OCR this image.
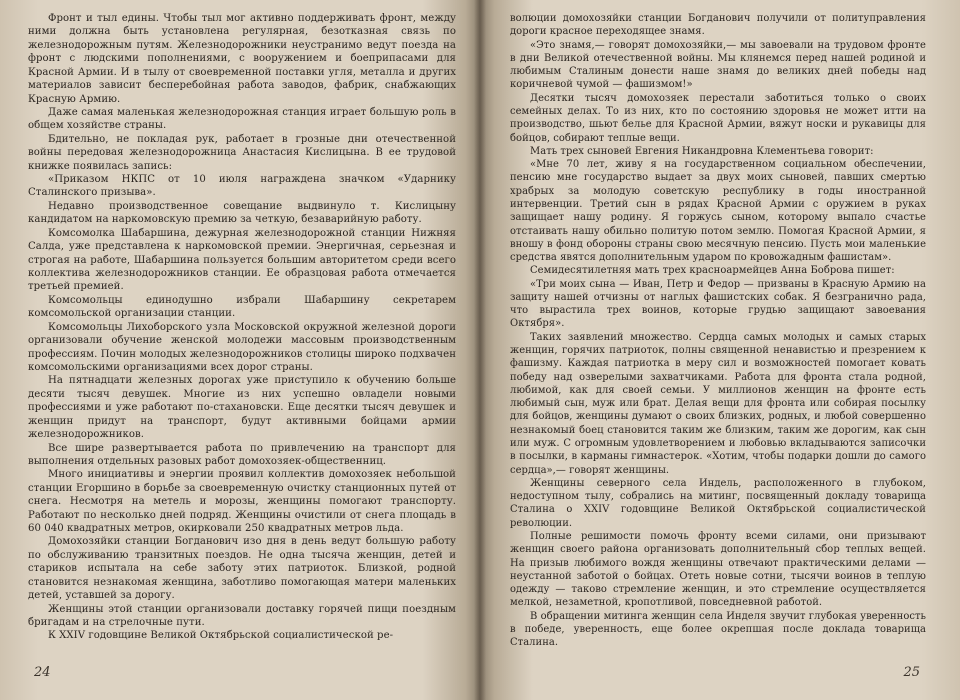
Фронт и тыл едины. Чтобы тыл мог активно поддерживать фронт, между ними должна быть установлена регулярная, безотказная связь по железнодорожным путям. Железнодорожники неустранимо ведут поезда на фронт с людскими пополнениями, с вооружением и боеприпасами для Красной Армии. И в тылу от своевременной поставки угля, металла и других материалов зависит бесперебойная работа заводов, фабрик, снабжающих Красную Армию.

Даже самая маленькая железнодорожная станция играет большую роль в общем хозяйстве страны.

Бдительно, не покладая рук, работает в грозные дни отечественной войны передовая железнодорожница Анастасия Кислицына. В ее трудовой книжке появилась запись:

«Приказом НКПС от 10 июля награждена значком «Ударнику Сталинского призыва».

Недавно производственное совещание выдвинуло т. Кислицыну кандидатом на наркомовскую премию за четкую, безаварийную работу.

Комсомолка Шабаршина, дежурная железнодорожной станции Нижняя Салда, уже представлена к наркомовской премии. Энергичная, серьезная и строгая на работе, Шабаршина пользуется большим авторитетом среди всего коллектива железнодорожников станции. Ее образцовая работа отмечается третьей премией.

Комсомольцы единодушно избрали Шабаршину секретарем комсомольской организации станции.

Комсомольцы Лихоборского узла Московской окружной железной дороги организовали обучение женской молодежи массовым производственным профессиям. Почин молодых железнодорожников столицы широко подхвачен комсомольскими организациями всех дорог страны.

На пятнадцати железных дорогах уже приступило к обучению больше десяти тысяч девушек. Многие из них успешно овладели новыми профессиями и уже работают по-стахановски. Еще десятки тысяч девушек и женщин придут на транспорт, будут активными бойцами армии железнодорожников.

Все шире развертывается работа по привлечению на транспорт для выполнения отдельных разовых работ домохозяек-общественниц.

Много инициативы и энергии проявил коллектив домохозяек небольшой станции Егоршино в борьбе за своевременную очистку станционных путей от снега. Несмотря на метель и морозы, женщины помогают транспорту. Работают по несколько дней подряд. Женщины очистили от снега площадь в 60 040 квадратных метров, окирковали 250 квадратных метров льда.

Домохозяйки станции Богданович изо дня в день ведут большую работу по обслуживанию транзитных поездов. Не одна тысяча женщин, детей и стариков испытала на себе заботу этих патриоток. Близкой, родной становится незнакомая женщина, заботливо помогающая матери маленьких детей, уставшей за дорогу.

Женщины этой станции организовали доставку горячей пищи поездным бригадам и на стрелочные пути.

К XXIV годовщине Великой Октябрьской социалистической ре-

24

волюции домохозяйки станции Богданович получили от политуправления дороги красное переходящее знамя.

«Это знамя,— говорят домохозяйки,— мы завоевали на трудовом фронте в дни Великой отечественной войны. Мы клянемся перед нашей родиной и любимым Сталиным донести наше знамя до великих дней победы над коричневой чумой — фашизмом!»

Десятки тысяч домохозяек перестали заботиться только о своих семейных делах. То из них, кто по состоянию здоровья не может итти на производство, шьют белье для Красной Армии, вяжут носки и рукавицы для бойцов, собирают теплые вещи.

Мать трех сыновей Евгения Никандровна Клементьева говорит:

«Мне 70 лет, живу я на государственном социальном обеспечении, пенсию мне государство выдает за двух моих сыновей, павших смертью храбрых за молодую советскую республику в годы иностранной интервенции. Третий сын в рядах Красной Армии с оружием в руках защищает нашу родину. Я горжусь сыном, которому выпало счастье отстаивать нашу обильно политую потом землю. Помогая Красной Армии, я вношу в фонд обороны страны свою месячную пенсию. Пусть мои маленькие средства явятся дополнительным ударом по кровожадным фашистам».

Семидесятилетняя мать трех красноармейцев Анна Боброва пишет:

«Три моих сына — Иван, Петр и Федор — призваны в Красную Армию на защиту нашей отчизны от наглых фашистских собак. Я безгранично рада, что вырастила трех воинов, которые грудью защищают завоевания Октября».

Таких заявлений множество. Сердца самых молодых и самых старых женщин, горячих патриоток, полны священной ненавистью и презрением к фашизму. Каждая патриотка в меру сил и возможностей помогает ковать победу над озверелыми захватчиками. Работа для фронта стала родной, любимой, как для своей семьи. У миллионов женщин на фронте есть любимый сын, муж или брат. Делая вещи для фронта или собирая посылку для бойцов, женщины думают о своих близких, родных, и любой совершенно незнакомый боец становится таким же близким, таким же дорогим, как сын или муж. С огромным удовлетворением и любовью вкладываются записочки в посылки, в карманы гимнастерок. «Хотим, чтобы подарки дошли до самого сердца»,— говорят женщины.

Женщины северного села Индель, расположенного в глубоком, недоступном тылу, собрались на митинг, посвященный докладу товарища Сталина о XXIV годовщине Великой Октябрьской социалистической революции.

Полные решимости помочь фронту всеми силами, они призывают женщин своего района организовать дополнительный сбор теплых вещей. На призыв любимого вождя женщины отвечают практическими делами — неустанной заботой о бойцах. Отеть новые сотни, тысячи воинов в теплую одежду — таково стремление женщин, и это стремление осуществляется мелкой, незаметной, кропотливой, повседневной работой.

В обращении митинга женщин села Инделя звучит глубокая уверенность в победе, уверенность, еще более окрепшая после доклада товарища Сталина.

25
